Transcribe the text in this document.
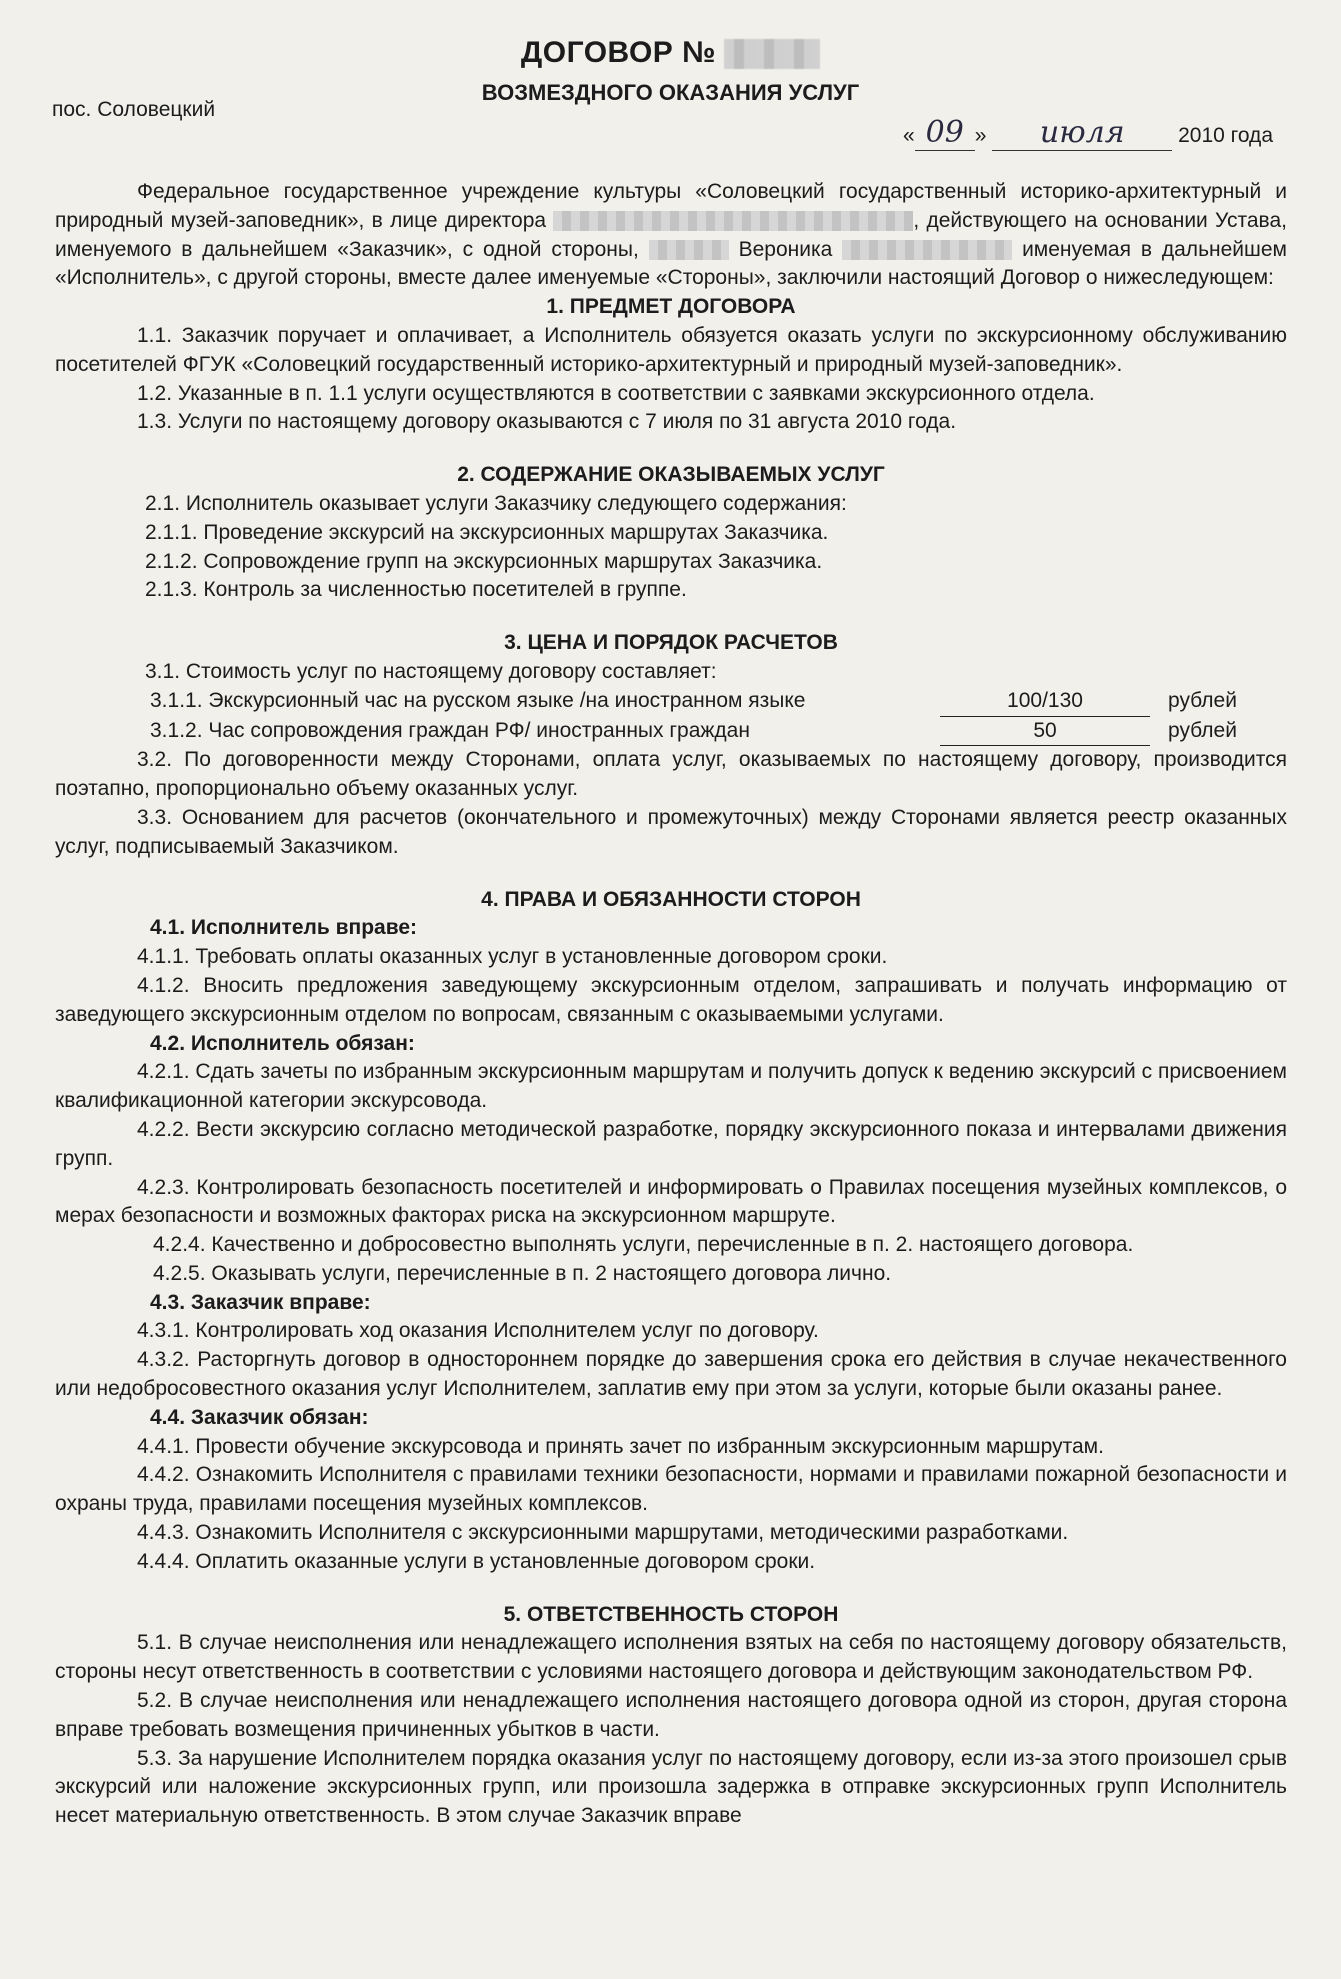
ДОГОВОР №
ВОЗМЕЗДНОГО ОКАЗАНИЯ УСЛУГ
пос. Соловецкий
« 09 » июля	2010 года

Федеральное государственное учреждение культуры «Соловецкий государственный историко-архитектурный и природный музей-заповедник», в лице директора	, действующего на основании Устава, именуемого в дальнейшем «Заказчик», с одной стороны,	Вероника	именуемая в дальнейшем «Исполнитель», с другой стороны, вместе далее именуемые «Стороны», заключили настоящий Договор о нижеследующем:

1. ПРЕДМЕТ ДОГОВОРА

1.1. Заказчик поручает и оплачивает, а Исполнитель обязуется оказать услуги по экскурсионному обслуживанию посетителей ФГУК «Соловецкий государственный историко-архитектурный и природный музей-заповедник».

1.2. Указанные в п. 1.1 услуги осуществляются в соответствии с заявками экскурсионного отдела.

1.3. Услуги по настоящему договору оказываются с 7 июля по 31 августа 2010 года.

2. СОДЕРЖАНИЕ ОКАЗЫВАЕМЫХ УСЛУГ

2.1. Исполнитель оказывает услуги Заказчику следующего содержания:

2.1.1. Проведение экскурсий на экскурсионных маршрутах Заказчика.

2.1.2. Сопровождение групп на экскурсионных маршрутах Заказчика.

2.1.3. Контроль за численностью посетителей в группе.

3. ЦЕНА И ПОРЯДОК РАСЧЕТОВ

3.1. Стоимость услуг по настоящему договору составляет:

3.1.1. Экскурсионный час на русском языке /на иностранном языке	100/130	рублей
3.1.2. Час сопровождения граждан РФ/ иностранных граждан	50	рублей

3.2. По договоренности между Сторонами, оплата услуг, оказываемых по настоящему договору, производится поэтапно, пропорционально объему оказанных услуг.

3.3. Основанием для расчетов (окончательного и промежуточных) между Сторонами является реестр оказанных услуг, подписываемый Заказчиком.

4. ПРАВА И ОБЯЗАННОСТИ СТОРОН
4.1. Исполнитель вправе:

4.1.1. Требовать оплаты оказанных услуг в установленные договором сроки.

4.1.2. Вносить предложения заведующему экскурсионным отделом, запрашивать и получать информацию от заведующего экскурсионным отделом по вопросам, связанным с оказываемыми услугами.

4.2. Исполнитель обязан:

4.2.1. Сдать зачеты по избранным экскурсионным маршрутам и получить допуск к ведению экскурсий с присвоением квалификационной категории экскурсовода.

4.2.2. Вести экскурсию согласно методической разработке, порядку экскурсионного показа и интервалами движения групп.

4.2.3. Контролировать безопасность посетителей и информировать о Правилах посещения музейных комплексов, о мерах безопасности и возможных факторах риска на экскурсионном маршруте.

4.2.4. Качественно и добросовестно выполнять услуги, перечисленные в п. 2. настоящего договора.

4.2.5. Оказывать услуги, перечисленные в п. 2 настоящего договора лично.

4.3. Заказчик вправе:

4.3.1. Контролировать ход оказания Исполнителем услуг по договору.

4.3.2. Расторгнуть договор в одностороннем порядке до завершения срока его действия в случае некачественного или недобросовестного оказания услуг Исполнителем, заплатив ему при этом за услуги, которые были оказаны ранее.

4.4. Заказчик обязан:

4.4.1. Провести обучение экскурсовода и принять зачет по избранным экскурсионным маршрутам.

4.4.2. Ознакомить Исполнителя с правилами техники безопасности, нормами и правилами пожарной безопасности и охраны труда, правилами посещения музейных комплексов.

4.4.3. Ознакомить Исполнителя с экскурсионными маршрутами, методическими разработками.

4.4.4. Оплатить оказанные услуги в установленные договором сроки.

5. ОТВЕТСТВЕННОСТЬ СТОРОН

5.1. В случае неисполнения или ненадлежащего исполнения взятых на себя по настоящему договору обязательств, стороны несут ответственность в соответствии с условиями настоящего договора и действующим законодательством РФ.

5.2. В случае неисполнения или ненадлежащего исполнения настоящего договора одной из сторон, другая сторона вправе требовать возмещения причиненных убытков в части.

5.3. За нарушение Исполнителем порядка оказания услуг по настоящему договору, если из-за этого произошел срыв экскурсий или наложение экскурсионных групп, или произошла задержка в отправке экскурсионных групп Исполнитель несет материальную ответственность. В этом случае Заказчик вправе
